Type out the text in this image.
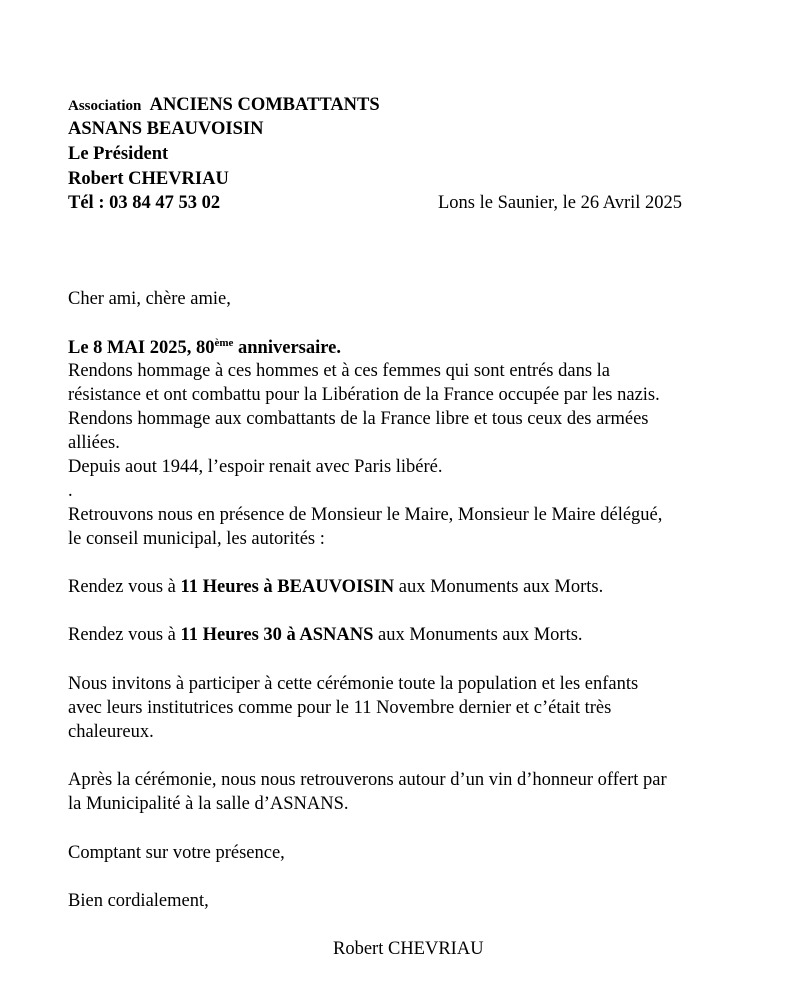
Association ANCIENS COMBATTANTS
ASNANS BEAUVOISIN
Le Président
Robert CHEVRIAU
Tél : 03 84 47 53 02	Lons le Saunier, le 26 Avril 2025
Cher ami, chère amie,
Le 8 MAI 2025, 80ème anniversaire.
Rendons hommage à ces hommes et à ces femmes qui sont entrés dans la
résistance et ont combattu pour la Libération de la France occupée par les nazis.
Rendons hommage aux combattants de la France libre et tous ceux des armées
alliées.
Depuis aout 1944, l’espoir renait avec Paris libéré.
.
Retrouvons nous en présence de Monsieur le Maire, Monsieur le Maire délégué,
le conseil municipal, les autorités :
Rendez vous à 11 Heures à BEAUVOISIN aux Monuments aux Morts.
Rendez vous à 11 Heures 30 à ASNANS aux Monuments aux Morts.
Nous invitons à participer à cette cérémonie toute la population et les enfants
avec leurs institutrices comme pour le 11 Novembre dernier et c’était très
chaleureux.
Après la cérémonie, nous nous retrouverons autour d’un vin d’honneur offert par
la Municipalité à la salle d’ASNANS.
Comptant sur votre présence,
Bien cordialement,
Robert CHEVRIAU
